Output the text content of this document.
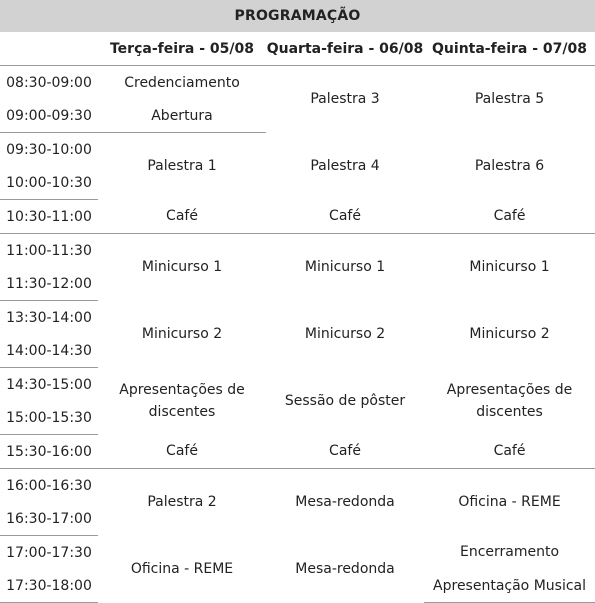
PROGRAMAÇÃO			
	Terça-feira - 05/08	Quarta-feira - 06/08	Quinta-feira - 07/08
08:30-09:00	Credenciamento	Palestra 3	Palestra 5
09:00-09:30	Abertura		
09:30-10:00	Palestra 1	Palestra 4	Palestra 6
10:00-10:30			
10:30-11:00	Café	Café	Café
11:00-11:30	Minicurso 1	Minicurso 1	Minicurso 1
11:30-12:00			
13:30-14:00	Minicurso 2	Minicurso 2	Minicurso 2
14:00-14:30			
14:30-15:00	Apresentações de discentes	Sessão de pôster	Apresentações de discentes
15:00-15:30			
15:30-16:00	Café	Café	Café
16:00-16:30	Palestra 2	Mesa-redonda	Oficina - REME
16:30-17:00			
17:00-17:30	Oficina - REME	Mesa-redonda	Encerramento
17:30-18:00			Apresentação Musical
